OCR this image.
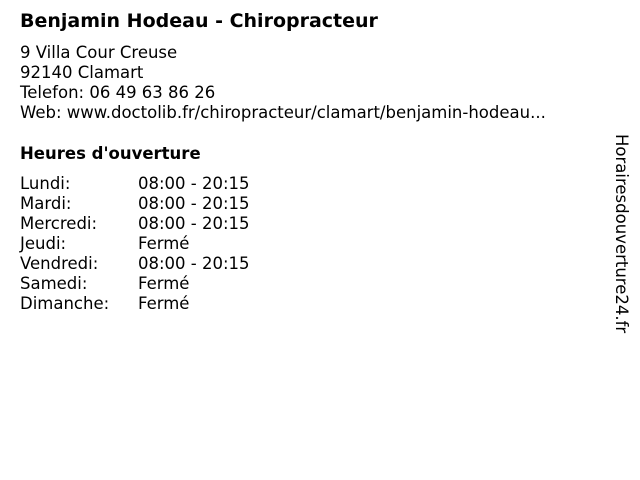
Benjamin Hodeau - Chiropracteur
9 Villa Cour Creuse
92140 Clamart
Telefon: 06 49 63 86 26
Web: www.doctolib.fr/chiropracteur/clamart/benjamin-hodeau...
Heures d'ouverture
Lundi:	08:00 - 20:15
Mardi:	08:00 - 20:15
Mercredi:	08:00 - 20:15
Jeudi:	Fermé
Vendredi:	08:00 - 20:15
Samedi:	Fermé
Dimanche:	Fermé	Horairesdouverture24.fr
